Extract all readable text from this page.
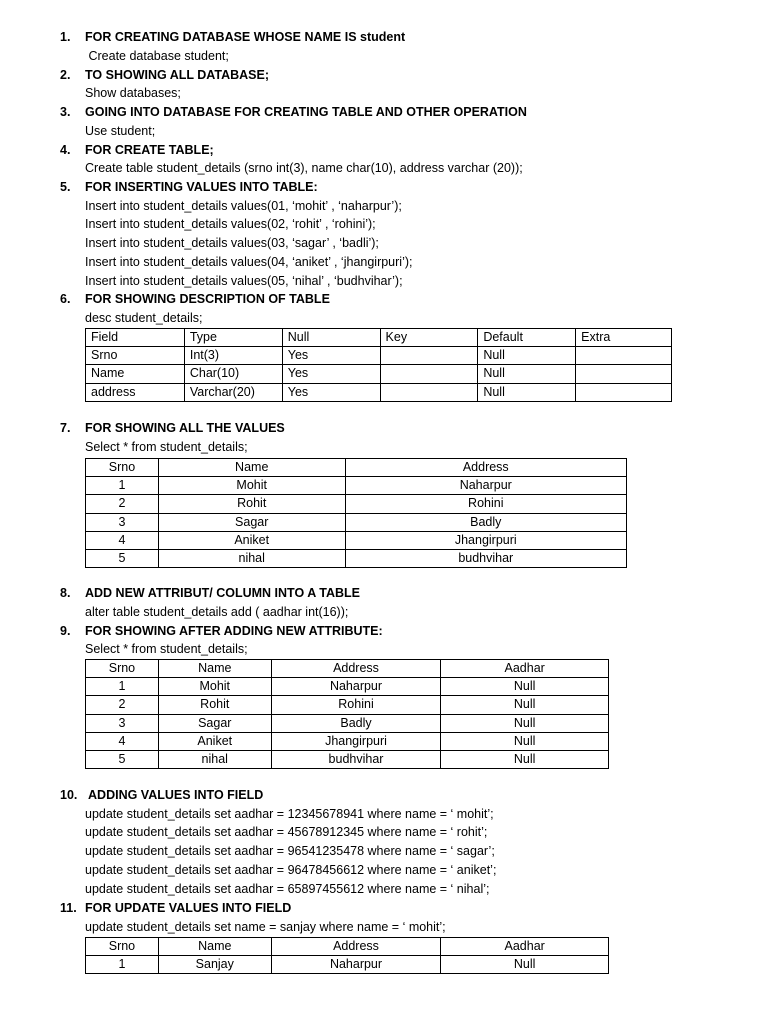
1.	FOR CREATING DATABASE WHOSE NAME IS student
Create database student;
2.	TO SHOWING ALL DATABASE;
Show databases;
3.	GOING INTO DATABASE FOR CREATING TABLE AND OTHER OPERATION
Use student;
4.	FOR CREATE TABLE;
Create table student_details (srno int(3), name char(10), address varchar (20));
5.	FOR INSERTING VALUES INTO TABLE:
Insert into student_details values(01, ‘mohit’ , ‘naharpur’);
Insert into student_details values(02, ‘rohit’ , ‘rohini’);
Insert into student_details values(03, ‘sagar’ , ‘badli’);
Insert into student_details values(04, ‘aniket’ , ‘jhangirpuri’);
Insert into student_details values(05, ‘nihal’ , ‘budhvihar’);
6.	FOR SHOWING DESCRIPTION OF TABLE
desc student_details;
Field	Type	Null	Key	Default	Extra
Srno	Int(3)	Yes		Null	
Name	Char(10)	Yes		Null	
address	Varchar(20)	Yes		Null	
7.	FOR SHOWING ALL THE VALUES
Select * from student_details;
Srno	Name	Address
1	Mohit	Naharpur
2	Rohit	Rohini
3	Sagar	Badly
4	Aniket	Jhangirpuri
5	nihal	budhvihar
8.	ADD NEW ATTRIBUT/ COLUMN INTO A TABLE
alter table student_details add ( aadhar int(16));
9.	FOR SHOWING AFTER ADDING NEW ATTRIBUTE:
Select * from student_details;
Srno	Name	Address	Aadhar
1	Mohit	Naharpur	Null
2	Rohit	Rohini	Null
3	Sagar	Badly	Null
4	Aniket	Jhangirpuri	Null
5	nihal	budhvihar	Null
10. ADDING VALUES INTO FIELD
update student_details set aadhar = 12345678941 where name = ‘ mohit’;
update student_details set aadhar = 45678912345 where name = ‘ rohit’;
update student_details set aadhar = 96541235478 where name = ‘ sagar’;
update student_details set aadhar = 96478456612 where name = ‘ aniket’;
update student_details set aadhar = 65897455612 where name = ‘ nihal’;
11. FOR UPDATE VALUES INTO FIELD
update student_details set name = sanjay where name = ‘ mohit’;
Srno	Name	Address	Aadhar
1	Sanjay	Naharpur	Null
